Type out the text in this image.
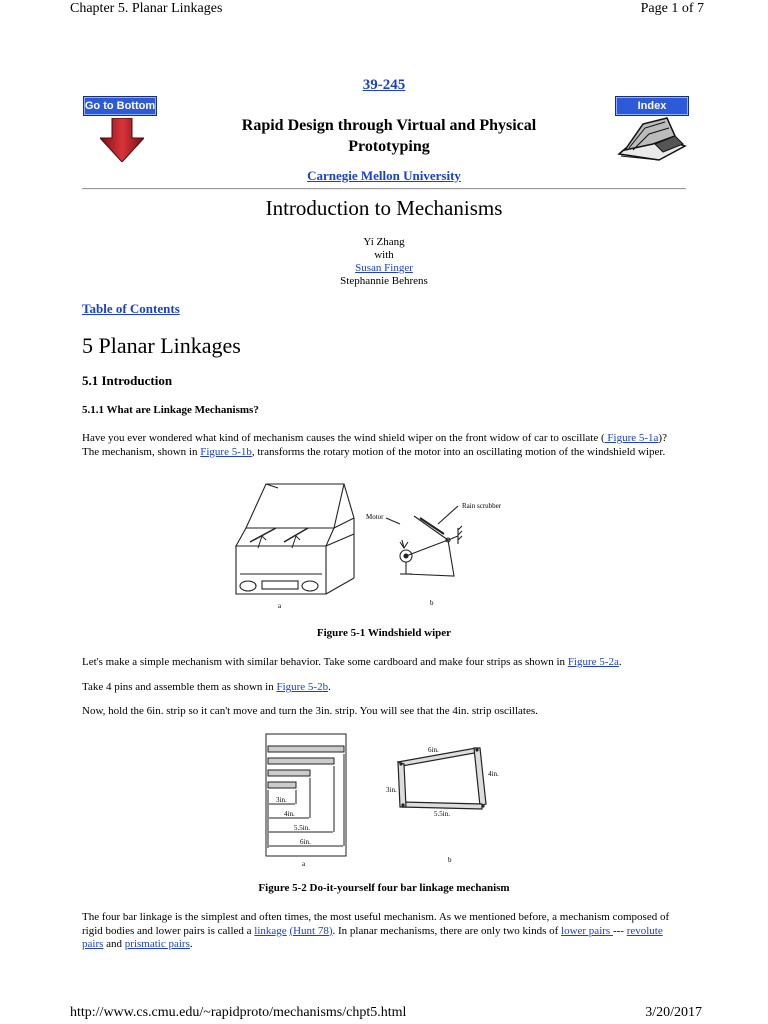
Chapter 5. Planar Linkages	Page 1 of 7
Go to Bottom	Index
39-245
Rapid Design through Virtual and Physical Prototyping
Carnegie Mellon University
Introduction to Mechanisms
Yi Zhang
with
Susan Finger
Stephannie Behrens
Table of Contents
5 Planar Linkages
5.1 Introduction
5.1.1 What are Linkage Mechanisms?
Have you ever wondered what kind of mechanism causes the wind shield wiper on the front widow of car to oscillate ( Figure 5-1a)? The mechanism, shown in Figure 5-1b, transforms the rotary motion of the motor into an oscillating motion of the windshield wiper.
a
Motor
Rain scrubber
b
Figure 5-1 Windshield wiper
Let's make a simple mechanism with similar behavior. Take some cardboard and make four strips as shown in Figure 5-2a.
Take 4 pins and assemble them as shown in Figure 5-2b.
Now, hold the 6in. strip so it can't move and turn the 3in. strip. You will see that the 4in. strip oscillates.
3in.
4in.
5.5in.
6in.
a
6in.
4in.
3in.
5.5in.
b
Figure 5-2 Do-it-yourself four bar linkage mechanism
The four bar linkage is the simplest and often times, the most useful mechanism. As we mentioned before, a mechanism composed of rigid bodies and lower pairs is called a linkage (Hunt 78). In planar mechanisms, there are only two kinds of lower pairs --- revolute pairs and prismatic pairs.
http://www.cs.cmu.edu/~rapidproto/mechanisms/chpt5.html	3/20/2017
